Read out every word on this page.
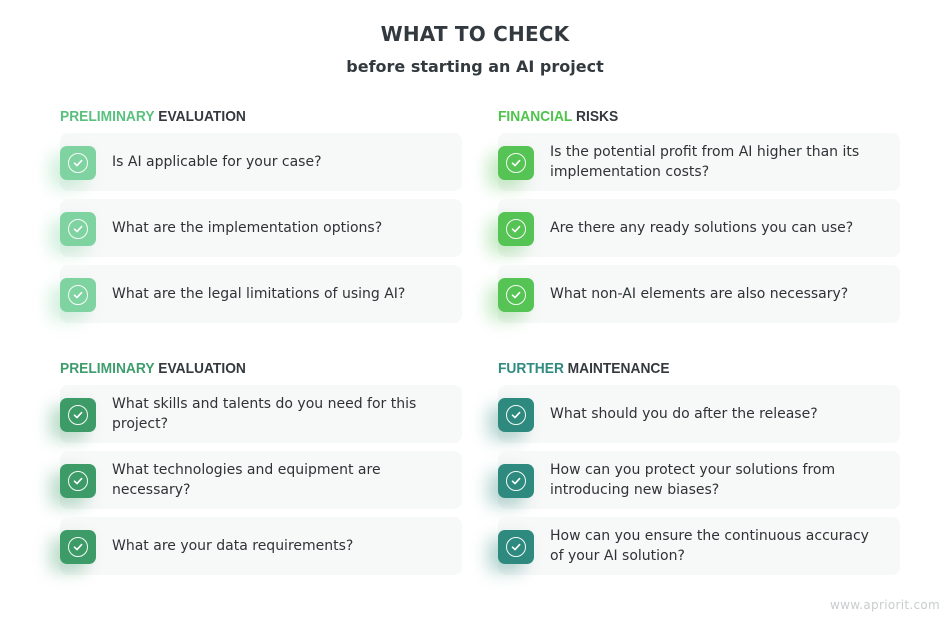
WHAT TO CHECK
before starting an AI project
PRELIMINARY EVALUATION
Is AI applicable for your case?
What are the implementation options?
What are the legal limitations of using AI?
FINANCIAL RISKS
Is the potential profit from AI higher than its implementation costs?
Are there any ready solutions you can use?
What non-AI elements are also necessary?
PRELIMINARY EVALUATION
What skills and talents do you need for this project?
What technologies and equipment are necessary?
What are your data requirements?
FURTHER MAINTENANCE
What should you do after the release?
How can you protect your solutions from introducing new biases?
How can you ensure the continuous accuracy of your AI solution?
www.apriorit.com
